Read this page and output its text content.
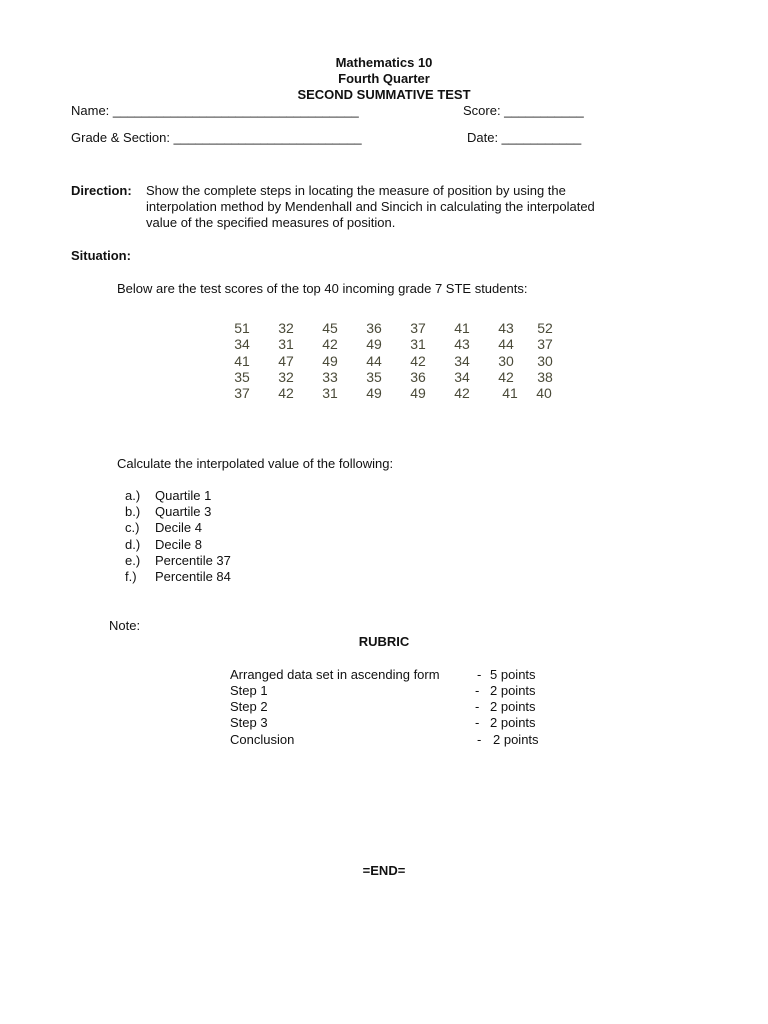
Mathematics 10
Fourth Quarter
SECOND SUMMATIVE TEST
Name: __________________________________	Score: ___________
Grade & Section: __________________________	Date: ___________
Direction: Show the complete steps in locating the measure of position by using the
interpolation method by Mendenhall and Sincich in calculating the interpolated
value of the specified measures of position.
Situation:
Below are the test scores of the top 40 incoming grade 7 STE students:
51	32	45	36	37	41	43	52
34	31	42	49	31	43	44	37
41	47	49	44	42	34	30	30
35	32	33	35	36	34	42	38
37	42	31	49	49	42	41	40
Calculate the interpolated value of the following:
a.) Quartile 1
b.) Quartile 3
c.) Decile 4
d.) Decile 8
e.) Percentile 37
f.) Percentile 84
Note:
RUBRIC
Arranged data set in ascending form	- 5 points
Step 1	- 2 points
Step 2	- 2 points
Step 3	- 2 points
Conclusion	- 2 points
=END=
